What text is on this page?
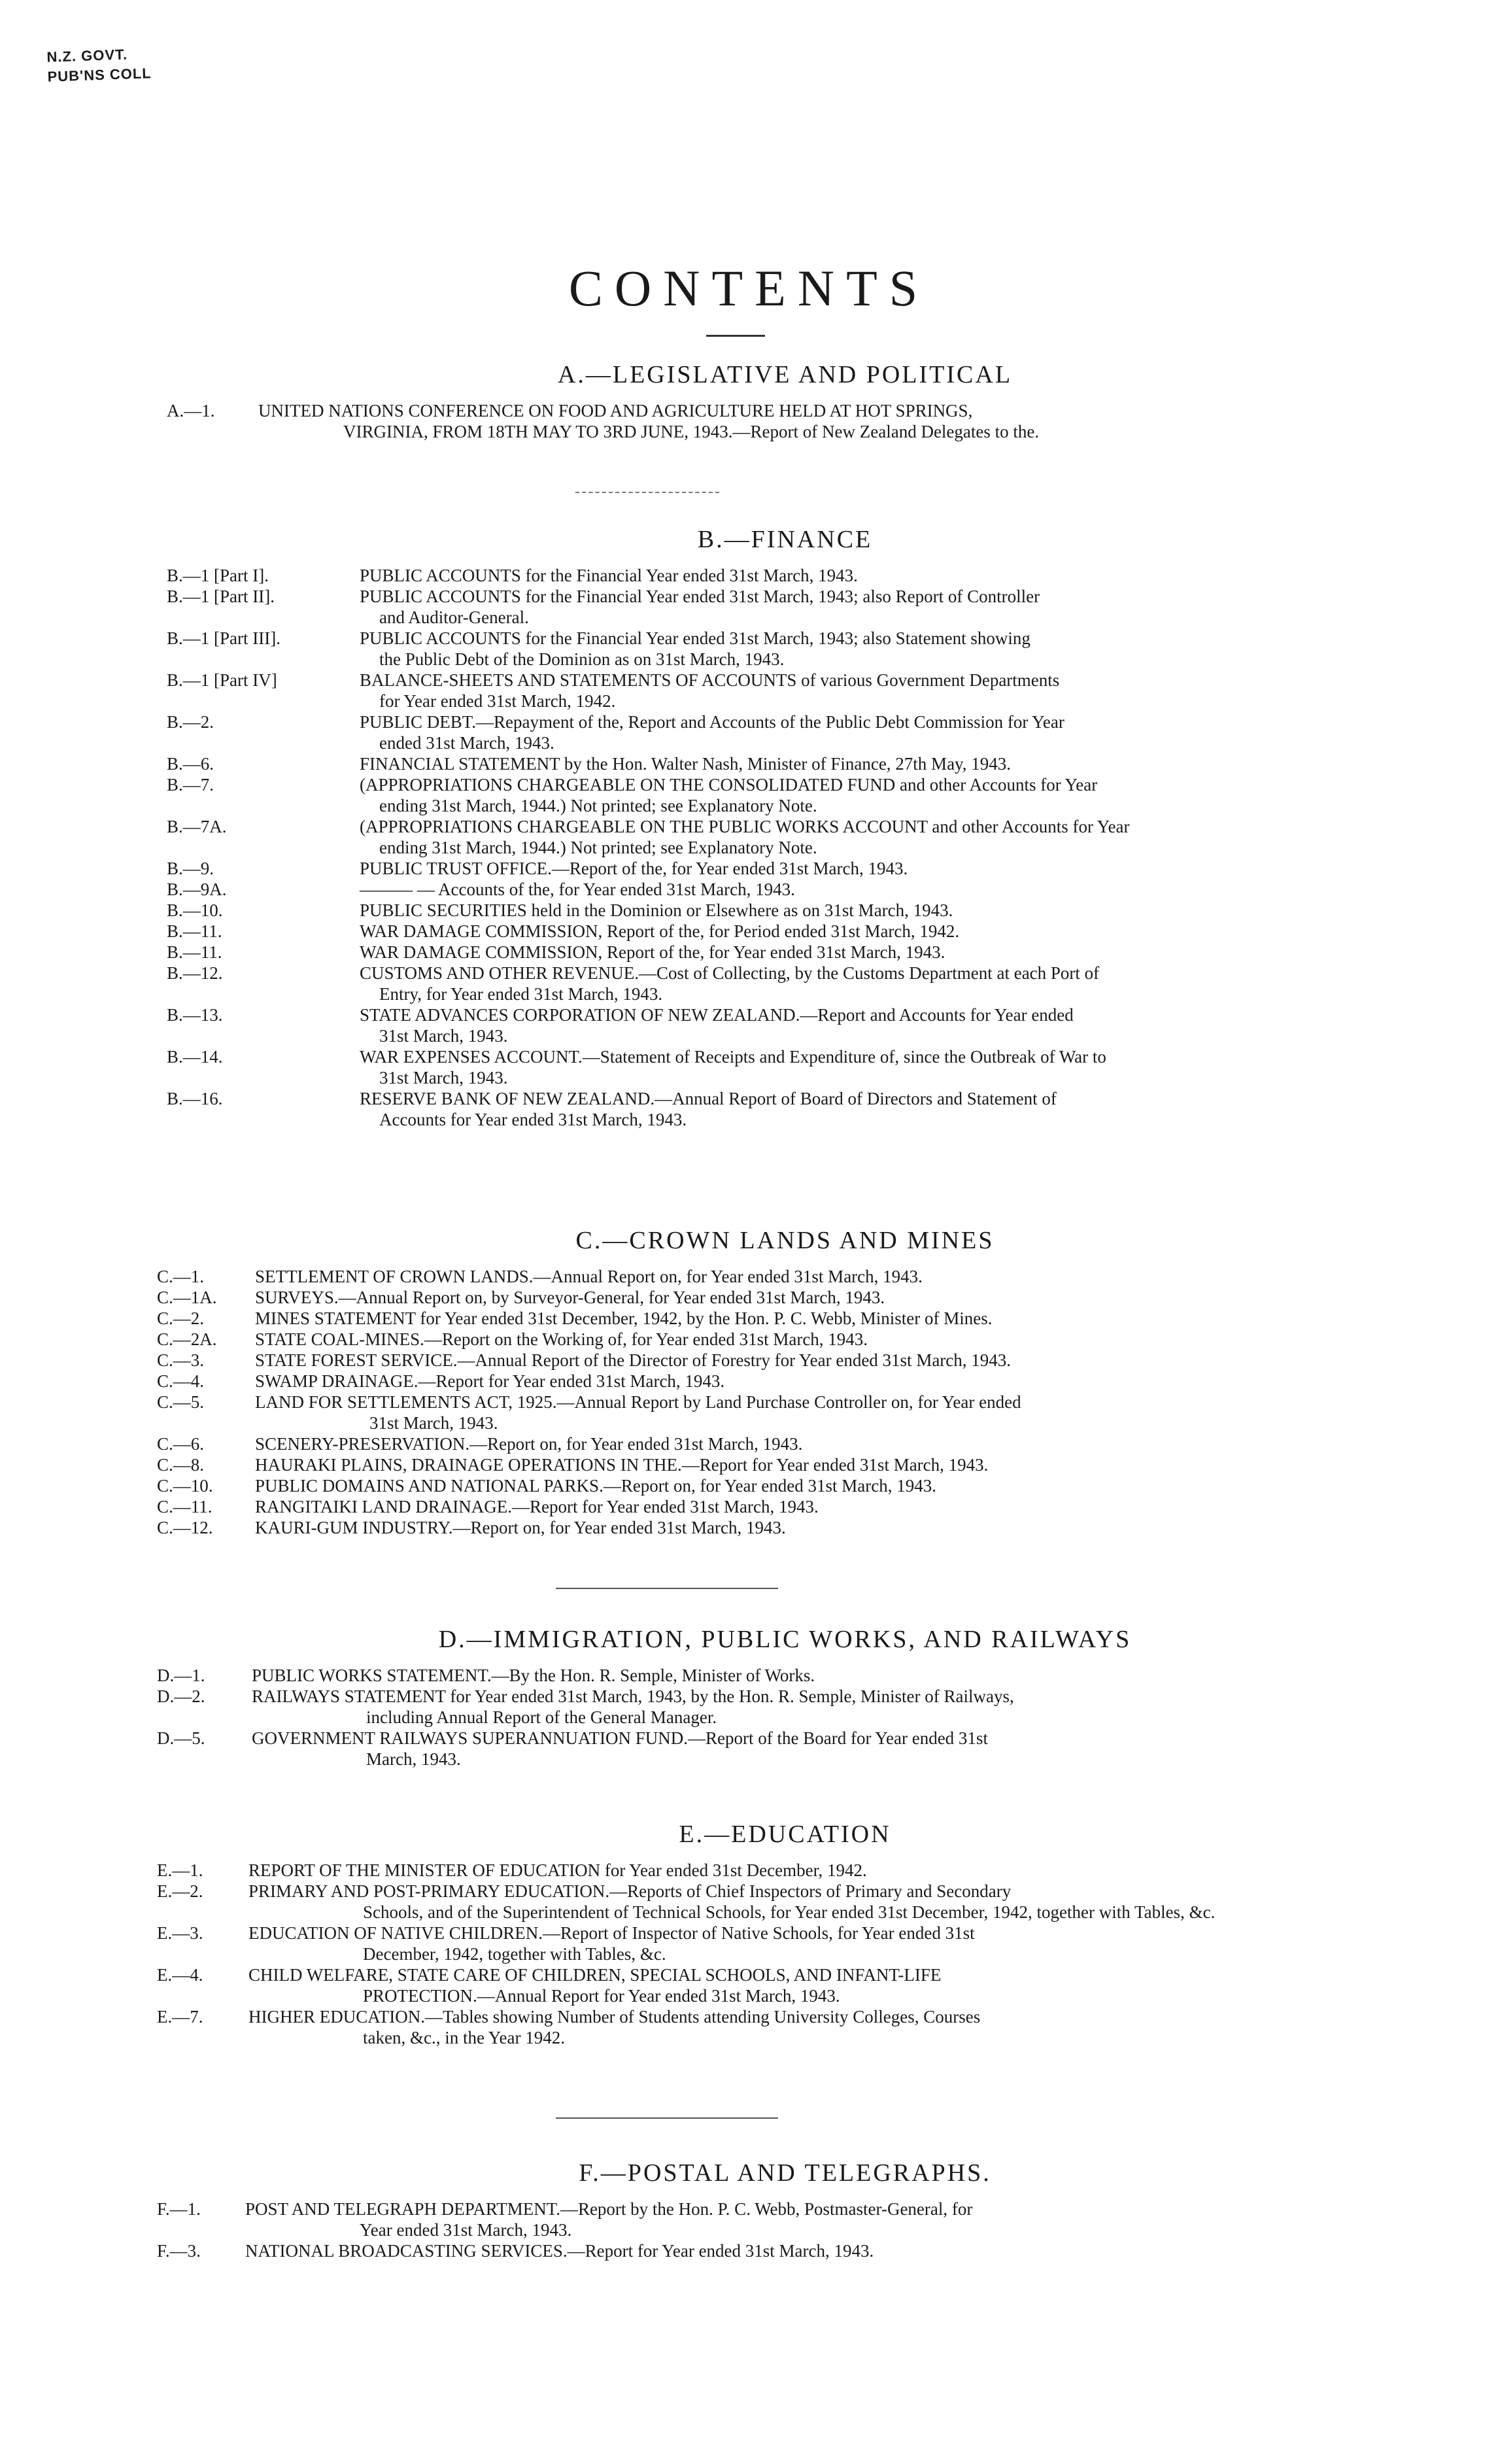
N.Z. GOVT.
PUB'NS COLL
CONTENTS
A.—LEGISLATIVE AND POLITICAL
A.—1.	UNITED NATIONS CONFERENCE ON FOOD AND AGRICULTURE HELD AT HOT SPRINGS,
VIRGINIA, FROM 18TH MAY TO 3RD JUNE, 1943.—Report of New Zealand Delegates to the.
B.—FINANCE
B.—1 [Part I].	PUBLIC ACCOUNTS for the Financial Year ended 31st March, 1943.
B.—1 [Part II].	PUBLIC ACCOUNTS for the Financial Year ended 31st March, 1943; also Report of Controller
and Auditor-General.
B.—1 [Part III].	PUBLIC ACCOUNTS for the Financial Year ended 31st March, 1943; also Statement showing
the Public Debt of the Dominion as on 31st March, 1943.
B.—1 [Part IV]	BALANCE-SHEETS AND STATEMENTS OF ACCOUNTS of various Government Departments
for Year ended 31st March, 1942.
B.—2.	PUBLIC DEBT.—Repayment of the, Report and Accounts of the Public Debt Commission for Year
ended 31st March, 1943.
B.—6.	FINANCIAL STATEMENT by the Hon. Walter Nash, Minister of Finance, 27th May, 1943.
B.—7.	(APPROPRIATIONS CHARGEABLE ON THE CONSOLIDATED FUND and other Accounts for Year
ending 31st March, 1944.) Not printed; see Explanatory Note.
B.—7A.	(APPROPRIATIONS CHARGEABLE ON THE PUBLIC WORKS ACCOUNT and other Accounts for Year
ending 31st March, 1944.) Not printed; see Explanatory Note.
B.—9.	PUBLIC TRUST OFFICE.—Report of the, for Year ended 31st March, 1943.
B.—9A.	——— — Accounts of the, for Year ended 31st March, 1943.
B.—10.	PUBLIC SECURITIES held in the Dominion or Elsewhere as on 31st March, 1943.
B.—11.	WAR DAMAGE COMMISSION, Report of the, for Period ended 31st March, 1942.
B.—11.	WAR DAMAGE COMMISSION, Report of the, for Year ended 31st March, 1943.
B.—12.	CUSTOMS AND OTHER REVENUE.—Cost of Collecting, by the Customs Department at each Port of
Entry, for Year ended 31st March, 1943.
B.—13.	STATE ADVANCES CORPORATION OF NEW ZEALAND.—Report and Accounts for Year ended
31st March, 1943.
B.—14.	WAR EXPENSES ACCOUNT.—Statement of Receipts and Expenditure of, since the Outbreak of War to
31st March, 1943.
B.—16.	RESERVE BANK OF NEW ZEALAND.—Annual Report of Board of Directors and Statement of
Accounts for Year ended 31st March, 1943.
C.—CROWN LANDS AND MINES
C.—1.	SETTLEMENT OF CROWN LANDS.—Annual Report on, for Year ended 31st March, 1943.
C.—1A.	SURVEYS.—Annual Report on, by Surveyor-General, for Year ended 31st March, 1943.
C.—2.	MINES STATEMENT for Year ended 31st December, 1942, by the Hon. P. C. Webb, Minister of Mines.
C.—2A.	STATE COAL-MINES.—Report on the Working of, for Year ended 31st March, 1943.
C.—3.	STATE FOREST SERVICE.—Annual Report of the Director of Forestry for Year ended 31st March, 1943.
C.—4.	SWAMP DRAINAGE.—Report for Year ended 31st March, 1943.
C.—5.	LAND FOR SETTLEMENTS ACT, 1925.—Annual Report by Land Purchase Controller on, for Year ended
31st March, 1943.
C.—6.	SCENERY-PRESERVATION.—Report on, for Year ended 31st March, 1943.
C.—8.	HAURAKI PLAINS, DRAINAGE OPERATIONS IN THE.—Report for Year ended 31st March, 1943.
C.—10.	PUBLIC DOMAINS AND NATIONAL PARKS.—Report on, for Year ended 31st March, 1943.
C.—11.	RANGITAIKI LAND DRAINAGE.—Report for Year ended 31st March, 1943.
C.—12.	KAURI-GUM INDUSTRY.—Report on, for Year ended 31st March, 1943.
D.—IMMIGRATION, PUBLIC WORKS, AND RAILWAYS
D.—1.	PUBLIC WORKS STATEMENT.—By the Hon. R. Semple, Minister of Works.
D.—2.	RAILWAYS STATEMENT for Year ended 31st March, 1943, by the Hon. R. Semple, Minister of Railways,
including Annual Report of the General Manager.
D.—5.	GOVERNMENT RAILWAYS SUPERANNUATION FUND.—Report of the Board for Year ended 31st
March, 1943.
E.—EDUCATION
E.—1.	REPORT OF THE MINISTER OF EDUCATION for Year ended 31st December, 1942.
E.—2.	PRIMARY AND POST-PRIMARY EDUCATION.—Reports of Chief Inspectors of Primary and Secondary
Schools, and of the Superintendent of Technical Schools, for Year ended 31st December, 1942, together with Tables, &c.
E.—3.	EDUCATION OF NATIVE CHILDREN.—Report of Inspector of Native Schools, for Year ended 31st
December, 1942, together with Tables, &c.
E.—4.	CHILD WELFARE, STATE CARE OF CHILDREN, SPECIAL SCHOOLS, AND INFANT-LIFE
PROTECTION.—Annual Report for Year ended 31st March, 1943.
E.—7.	HIGHER EDUCATION.—Tables showing Number of Students attending University Colleges, Courses
taken, &c., in the Year 1942.
F.—POSTAL AND TELEGRAPHS.
F.—1.	POST AND TELEGRAPH DEPARTMENT.—Report by the Hon. P. C. Webb, Postmaster-General, for
Year ended 31st March, 1943.
F.—3.	NATIONAL BROADCASTING SERVICES.—Report for Year ended 31st March, 1943.
